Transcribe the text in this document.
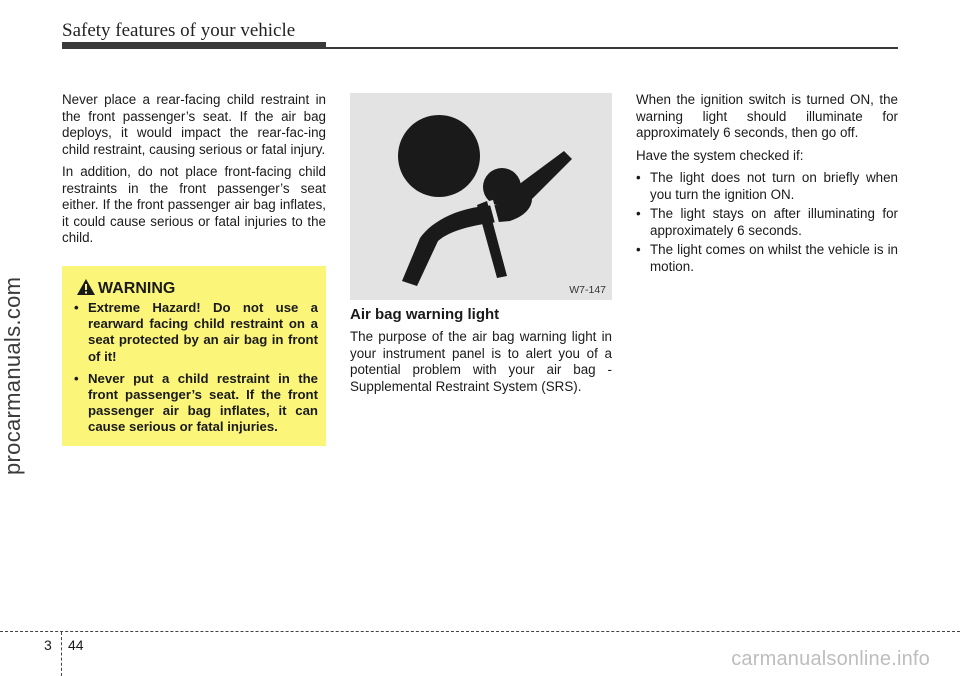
Safety features of your vehicle
procarmanuals.com

Never place a rear-facing child restraint in the front passenger’s seat. If the air bag deploys, it would impact the rear-fac-ing child restraint, causing serious or fatal injury.

In addition, do not place front-facing child restraints in the front passenger’s seat either. If the front passenger air bag inflates, it could cause serious or fatal injuries to the child.

WARNING
• Extreme Hazard! Do not use a rearward facing child restraint on a seat protected by an air bag in front of it!
• Never put a child restraint in the front passenger’s seat. If the front passenger air bag inflates, it can cause serious or fatal injuries.
W7-147
Air bag warning light

The purpose of the air bag warning light in your instrument panel is to alert you of a potential problem with your air bag - Supplemental Restraint System (SRS).

When the ignition switch is turned ON, the warning light should illuminate for approximately 6 seconds, then go off.

Have the system checked if:

• The light does not turn on briefly when you turn the ignition ON.
• The light stays on after illuminating for approximately 6 seconds.
• The light comes on whilst the vehicle is in motion.
3 44
carmanualsonline.info
